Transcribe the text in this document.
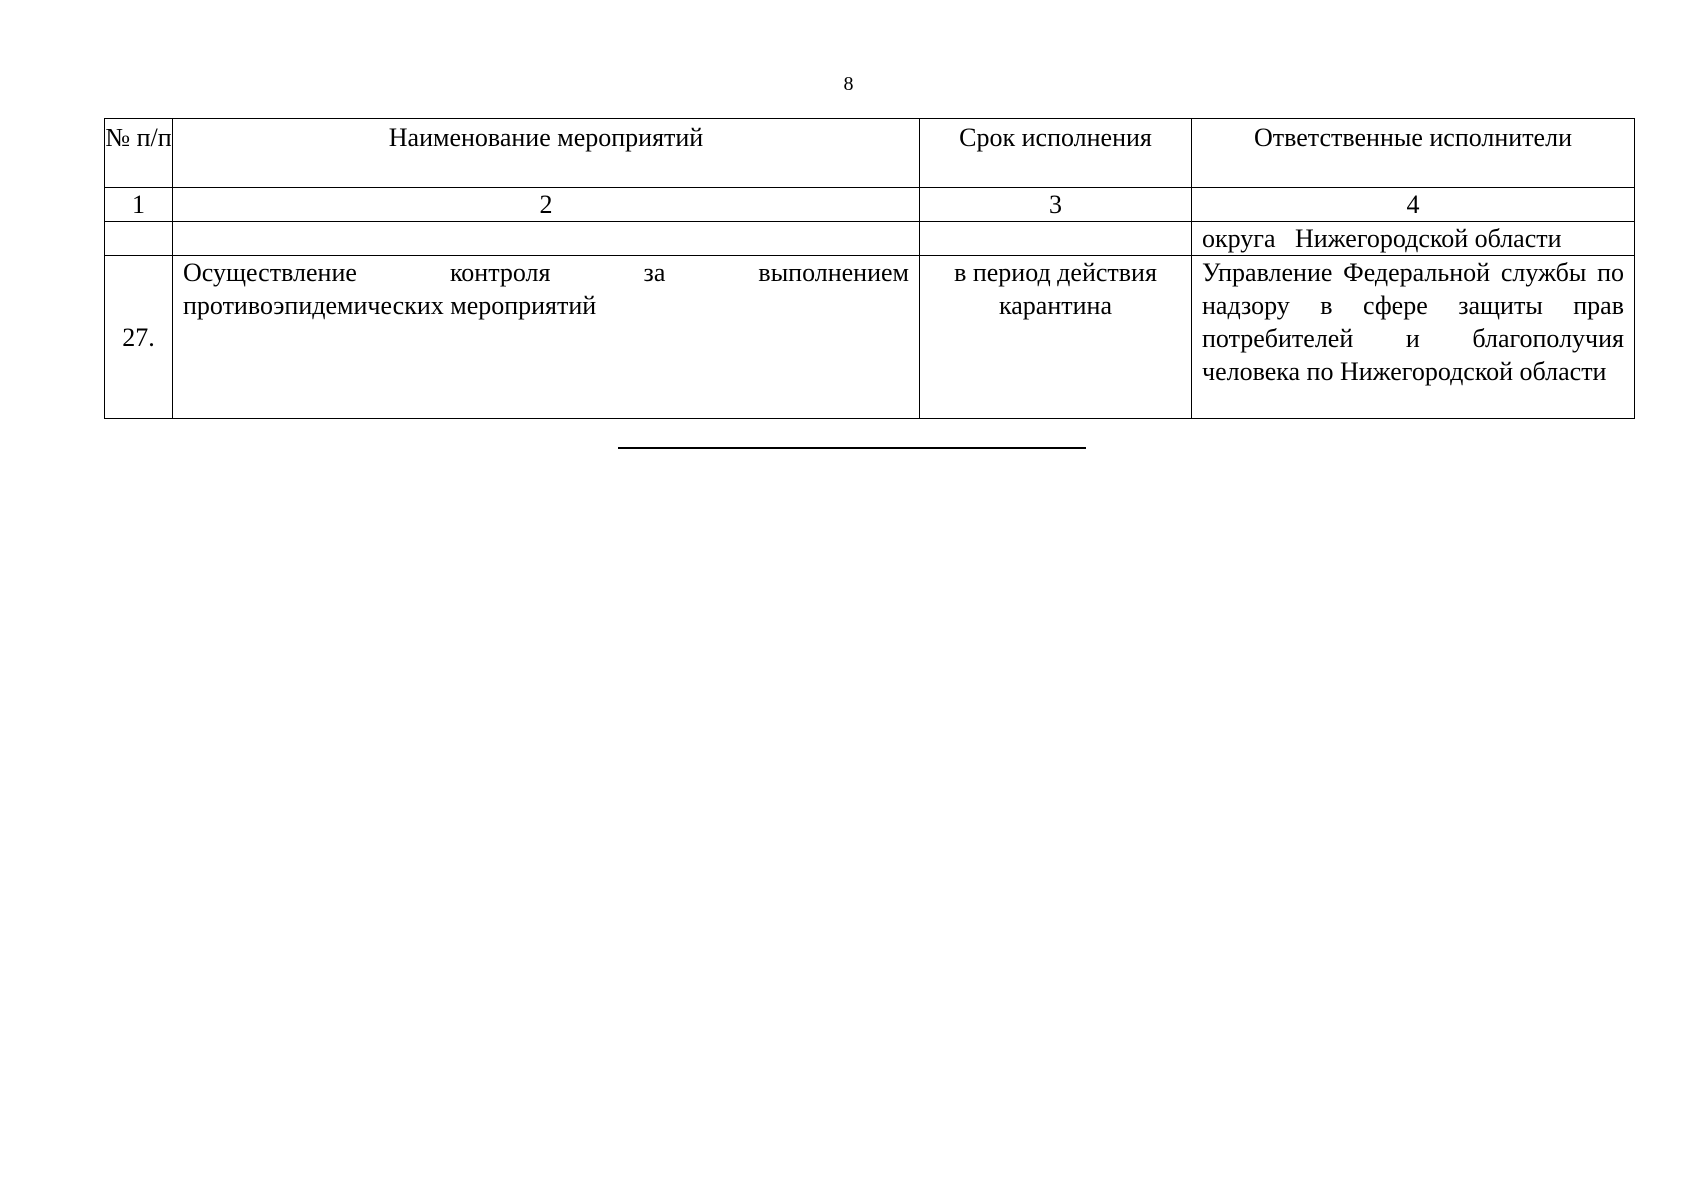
8
№ п/п	Наименование мероприятий	Срок исполнения	Ответственные исполнители
1	2	3	4
			округа   Нижегородской области
27.	Осуществление контроля за выполнением противоэпидемических мероприятий	в период действия карантина	Управление Федеральной службы по надзору в сфере защиты прав потребителей и благополучия человека по Нижегородской области
